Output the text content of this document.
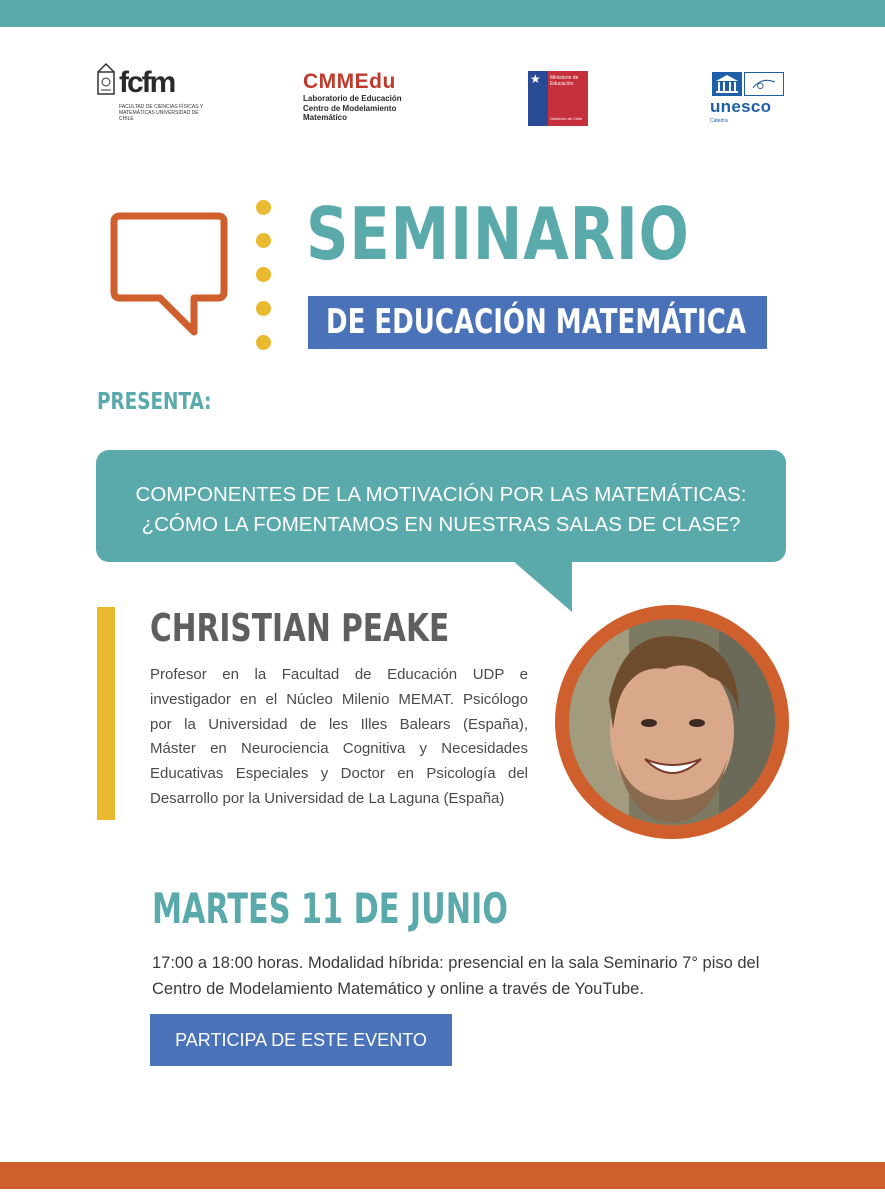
fcfm
FACULTAD DE CIENCIAS FÍSICAS Y MATEMÁTICAS UNIVERSIDAD DE CHILE
CMMEdu
Laboratorio de Educación
Centro de Modelamiento
Matemático
★ Ministerio de Educación
Gobierno de Chile
unesco
Cátedra
SEMINARIO
DE EDUCACIÓN MATEMÁTICA
PRESENTA:
COMPONENTES DE LA MOTIVACIÓN POR LAS MATEMÁTICAS:
¿CÓMO LA FOMENTAMOS EN NUESTRAS SALAS DE CLASE?
CHRISTIAN PEAKE
Profesor en la Facultad de Educación UDP e
investigador en el Núcleo Milenio MEMAT. Psicólogo
por la Universidad de les Illes Balears (España),
Máster en Neurociencia Cognitiva y Necesidades
Educativas Especiales y Doctor en Psicología del
Desarrollo por la Universidad de La Laguna (España)
MARTES 11 DE JUNIO
17:00 a 18:00 horas. Modalidad híbrida: presencial en la sala Seminario 7° piso del Centro de Modelamiento Matemático y online a través de YouTube.
PARTICIPA DE ESTE EVENTO
